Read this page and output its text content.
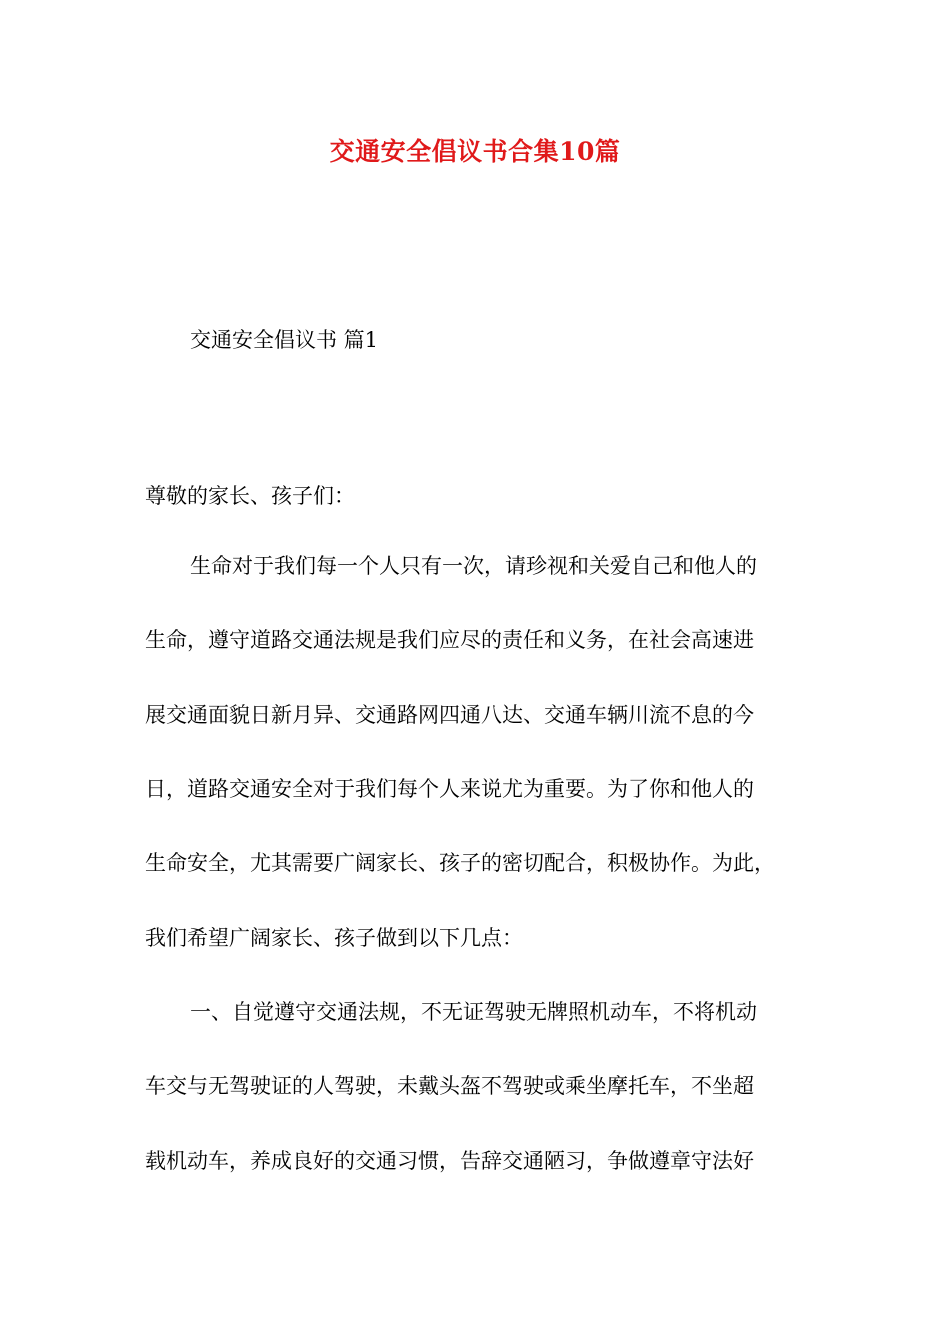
交通安全倡议书合集10篇
交通安全倡议书 篇1
尊敬的家长、孩子们：
生命对于我们每一个人只有一次，请珍视和关爱自己和他人的
生命，遵守道路交通法规是我们应尽的责任和义务，在社会高速进
展交通面貌日新月异、交通路网四通八达、交通车辆川流不息的今
日，道路交通安全对于我们每个人来说尤为重要。为了你和他人的
生命安全，尤其需要广阔家长、孩子的密切配合，积极协作。为此，
我们希望广阔家长、孩子做到以下几点：
一、自觉遵守交通法规，不无证驾驶无牌照机动车，不将机动
车交与无驾驶证的人驾驶，未戴头盔不驾驶或乘坐摩托车，不坐超
载机动车，养成良好的交通习惯，告辞交通陋习，争做遵章守法好
